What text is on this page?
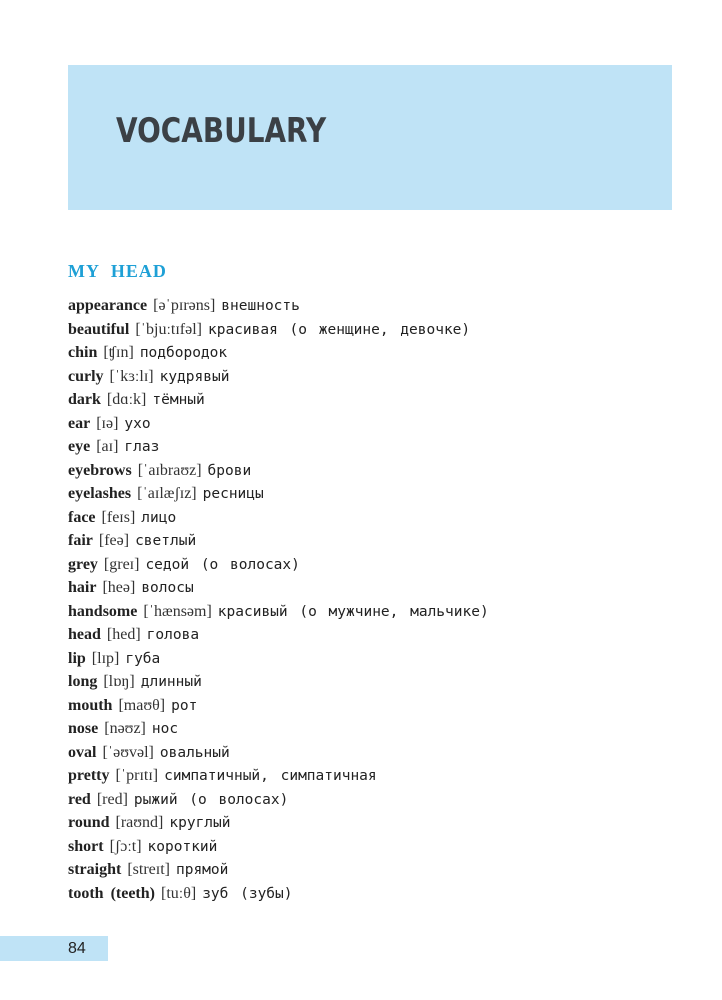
VOCABULARY
MY HEAD
appearance [əˈpɪrəns] внешность
beautiful [ˈbjuːtɪfəl] красивая (о женщине, девочке)
chin [ʧɪn] подбородок
curly [ˈkɜːlɪ] кудрявый
dark [dɑːk] тёмный
ear [ɪə] ухо
eye [aɪ] глаз
eyebrows [ˈaɪbraʊz] брови
eyelashes [ˈaɪlæʃɪz] ресницы
face [feɪs] лицо
fair [feə] светлый
grey [greɪ] седой (о волосах)
hair [heə] волосы
handsome [ˈhænsəm] красивый (о мужчине, мальчике)
head [hed] голова
lip [lɪp] губа
long [lɒŋ] длинный
mouth [maʊθ] рот
nose [nəʊz] нос
oval [ˈəʊvəl] овальный
pretty [ˈprɪtɪ] симпатичный, симпатичная
red [red] рыжий (о волосах)
round [raʊnd] круглый
short [ʃɔːt] короткий
straight [streɪt] прямой
tooth (teeth) [tuːθ] зуб (зубы)
84
